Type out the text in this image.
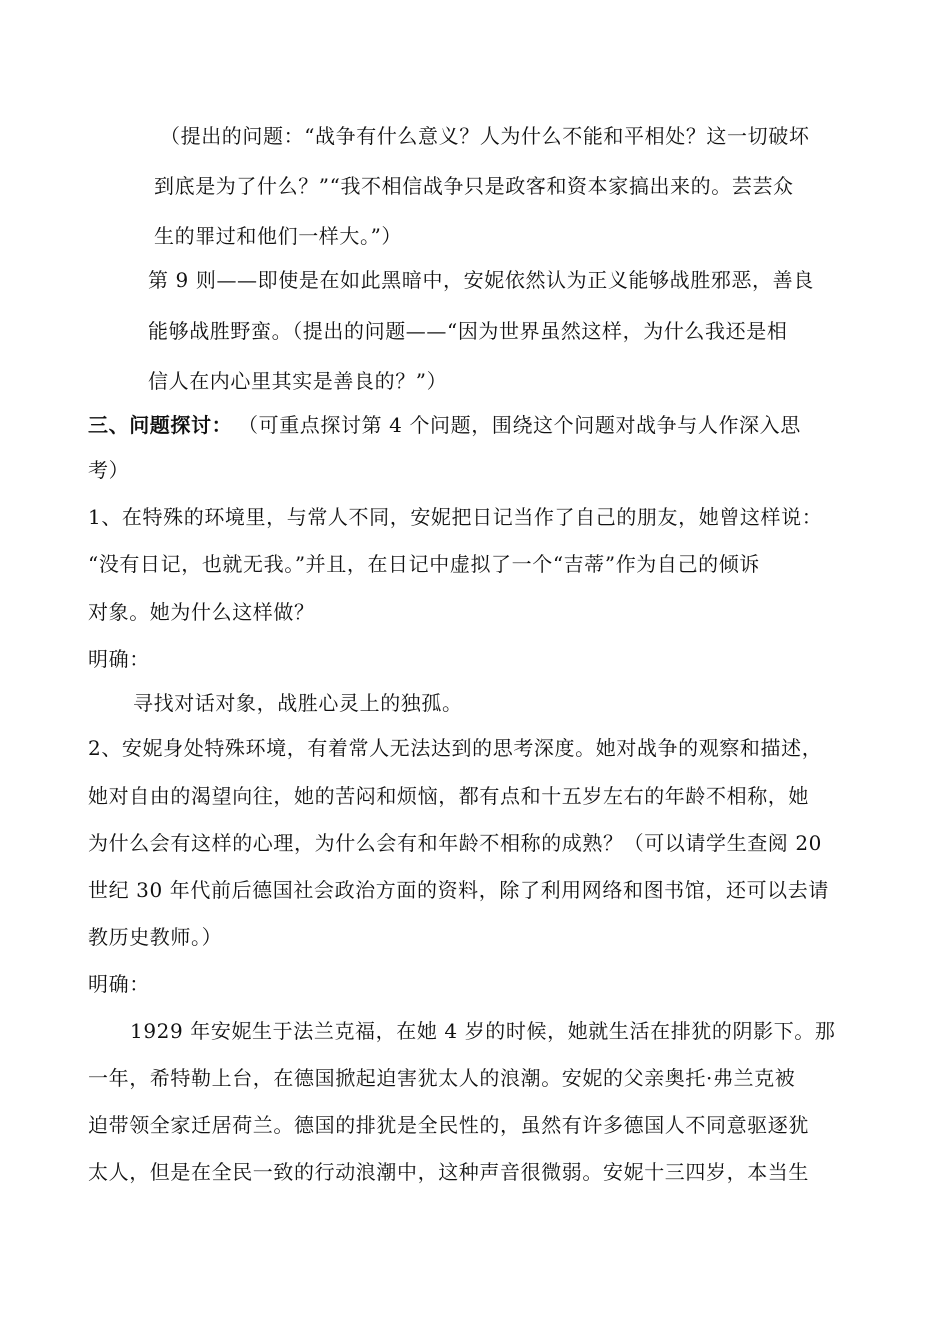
（提出的问题：“战争有什么意义？人为什么不能和平相处？这一切破坏
到底是为了什么？”“我不相信战争只是政客和资本家搞出来的。芸芸众
生的罪过和他们一样大。”）
第 9 则——即使是在如此黑暗中，安妮依然认为正义能够战胜邪恶，善良
能够战胜野蛮。（提出的问题——“因为世界虽然这样，为什么我还是相
信人在内心里其实是善良的？”）
三、问题探讨： （可重点探讨第 4 个问题，围绕这个问题对战争与人作深入思
考）
1、在特殊的环境里，与常人不同，安妮把日记当作了自己的朋友，她曾这样说：
“没有日记，也就无我。”并且，在日记中虚拟了一个“吉蒂”作为自己的倾诉
对象。她为什么这样做？
明确：
寻找对话对象，战胜心灵上的独孤。
2、安妮身处特殊环境，有着常人无法达到的思考深度。她对战争的观察和描述，
她对自由的渴望向往，她的苦闷和烦恼，都有点和十五岁左右的年龄不相称，她
为什么会有这样的心理，为什么会有和年龄不相称的成熟？（可以请学生查阅 20
世纪 30 年代前后德国社会政治方面的资料，除了利用网络和图书馆，还可以去请
教历史教师。）
明确：
1929 年安妮生于法兰克福，在她 4 岁的时候，她就生活在排犹的阴影下。那
一年，希特勒上台，在德国掀起迫害犹太人的浪潮。安妮的父亲奥托·弗兰克被
迫带领全家迁居荷兰。德国的排犹是全民性的，虽然有许多德国人不同意驱逐犹
太人，但是在全民一致的行动浪潮中，这种声音很微弱。安妮十三四岁，本当生
